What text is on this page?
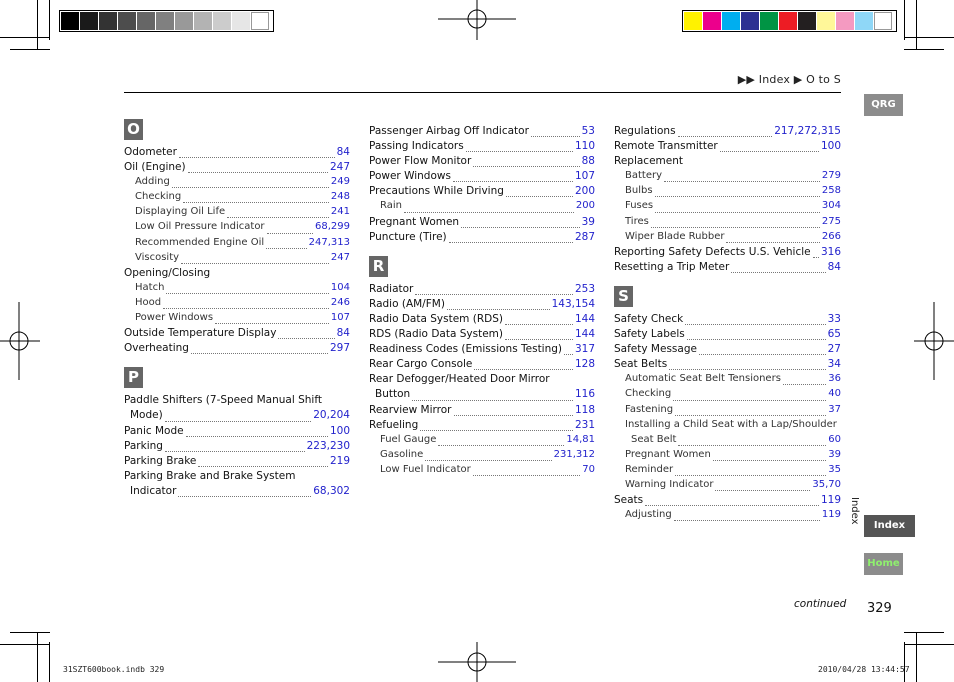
▶▶ Index ▶ O to S
O
Odometer	84
Oil (Engine)	247
Adding	249
Checking	248
Displaying Oil Life	241
Low Oil Pressure Indicator	68,299
Recommended Engine Oil	247,313
Viscosity	247
Opening/Closing
Hatch	104
Hood	246
Power Windows	107
Outside Temperature Display	84
Overheating	297
P
Paddle Shifters (7-Speed Manual Shift
Mode)	20,204
Panic Mode	100
Parking	223,230
Parking Brake	219
Parking Brake and Brake System
Indicator	68,302
Passenger Airbag Off Indicator	53
Passing Indicators	110
Power Flow Monitor	88
Power Windows	107
Precautions While Driving	200
Rain	200
Pregnant Women	39
Puncture (Tire)	287
R
Radiator	253
Radio (AM/FM)	143,154
Radio Data System (RDS)	144
RDS (Radio Data System)	144
Readiness Codes (Emissions Testing) 317
Rear Cargo Console	128
Rear Defogger/Heated Door Mirror
Button	116
Rearview Mirror	118
Refueling	231
Fuel Gauge	14,81
Gasoline	231,312
Low Fuel Indicator	70
Regulations	217,272,315
Remote Transmitter	100
Replacement
Battery	279
Bulbs	258
Fuses	304
Tires	275
Wiper Blade Rubber	266
Reporting Safety Defects U.S. Vehicle 316
Resetting a Trip Meter	84
S
Safety Check	33
Safety Labels	65
Safety Message	27
Seat Belts	34
Automatic Seat Belt Tensioners	36
Checking	40
Fastening	37
Installing a Child Seat with a Lap/Shoulder
Seat Belt	60
Pregnant Women	39
Reminder	35
Warning Indicator	35,70
Seats	119
Adjusting	119
QRG
Index
Index
Home
continued 329
31SZT600book.indb 329	2010/04/28 13:44:57
